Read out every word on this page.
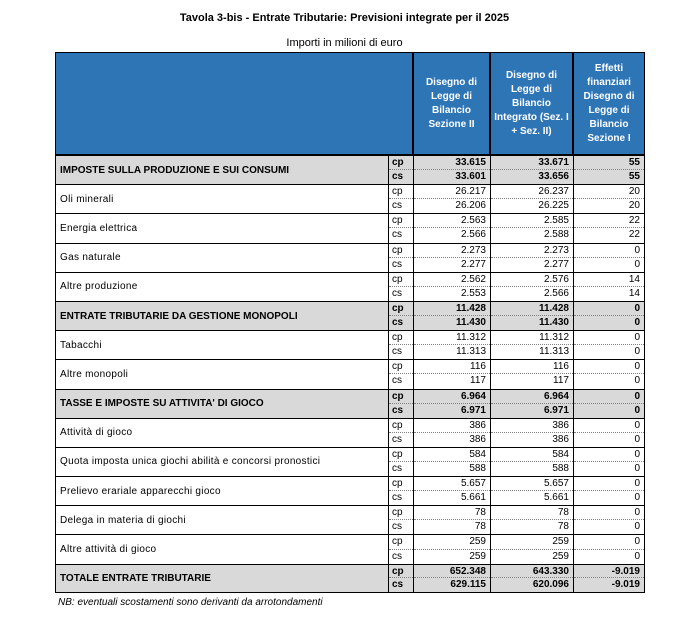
Tavola 3-bis - Entrate Tributarie: Previsioni integrate per il 2025
Importi in milioni di euro
Disegno di Legge di Bilancio Sezione II
Disegno di Legge di Bilancio Integrato (Sez. I + Sez. II)
Effetti finanziari Disegno di Legge di Bilancio Sezione I
IMPOSTE SULLA PRODUZIONE E SUI CONSUMI
cp
cs
33.615
33.601
33.671
33.656
55
55
Oli minerali
cp
cs
26.217
26.206
26.237
26.225
20
20
Energia elettrica
cp
cs
2.563
2.566
2.585
2.588
22
22
Gas naturale
cp
cs
2.273
2.277
2.273
2.277
0
0
Altre produzione
cp
cs
2.562
2.553
2.576
2.566
14
14
ENTRATE TRIBUTARIE DA GESTIONE MONOPOLI
cp
cs
11.428
11.430
11.428
11.430
0
0
Tabacchi
cp
cs
11.312
11.313
11.312
11.313
0
0
Altre monopoli
cp
cs
116
117
116
117
0
0
TASSE E IMPOSTE SU ATTIVITA' DI GIOCO
cp
cs
6.964
6.971
6.964
6.971
0
0
Attività di gioco
cp
cs
386
386
386
386
0
0
Quota imposta unica giochi abilità e concorsi pronostici
cp
cs
584
588
584
588
0
0
Prelievo erariale apparecchi gioco
cp
cs
5.657
5.661
5.657
5.661
0
0
Delega in materia di giochi
cp
cs
78
78
78
78
0
0
Altre attività di gioco
cp
cs
259
259
259
259
0
0
TOTALE ENTRATE TRIBUTARIE
cp
cs
652.348
629.115
643.330
620.096
-9.019
-9.019
NB: eventuali scostamenti sono derivanti da arrotondamenti
